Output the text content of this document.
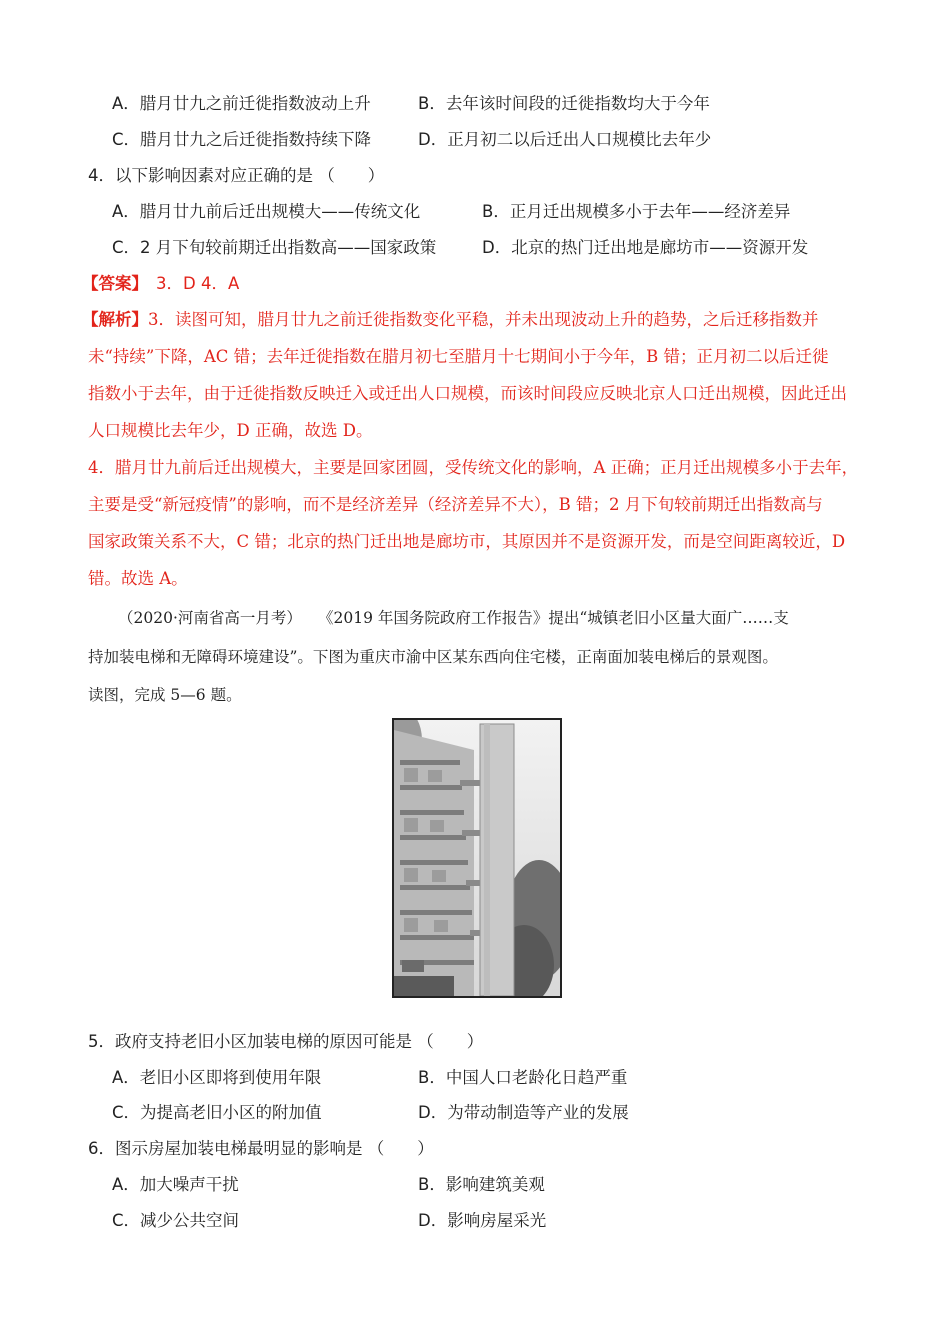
A．腊月廿九之前迁徙指数波动上升	B．去年该时间段的迁徙指数均大于今年
C．腊月廿九之后迁徙指数持续下降	D．正月初二以后迁出人口规模比去年少
4．以下影响因素对应正确的是 （　　）
A．腊月廿九前后迁出规模大——传统文化	B．正月迁出规模多小于去年——经济差异
C．2 月下旬较前期迁出指数高——国家政策	D．北京的热门迁出地是廊坊市——资源开发
【答案】 3．D 4．A
【解析】3．读图可知，腊月廿九之前迁徙指数变化平稳，并未出现波动上升的趋势，之后迁移指数并
未“持续”下降，AC 错；去年迁徙指数在腊月初七至腊月十七期间小于今年，B 错；正月初二以后迁徙
指数小于去年，由于迁徙指数反映迁入或迁出人口规模，而该时间段应反映北京人口迁出规模，因此迁出
人口规模比去年少，D 正确，故选 D。
4．腊月廿九前后迁出规模大，主要是回家团圆，受传统文化的影响，A 正确；正月迁出规模多小于去年，
主要是受“新冠疫情”的影响，而不是经济差异（经济差异不大），B 错；2 月下旬较前期迁出指数高与
国家政策关系不大，C 错；北京的热门迁出地是廊坊市，其原因并不是资源开发，而是空间距离较近，D
错。故选 A。
（2020·河南省高一月考） 《2019 年国务院政府工作报告》提出“城镇老旧小区量大面广……支
持加装电梯和无障碍环境建设”。下图为重庆市渝中区某东西向住宅楼，正南面加装电梯后的景观图。
读图，完成 5—6 题。
5．政府支持老旧小区加装电梯的原因可能是 （　　）
A．老旧小区即将到使用年限	B．中国人口老龄化日趋严重
C．为提高老旧小区的附加值	D．为带动制造等产业的发展
6．图示房屋加装电梯最明显的影响是 （　　）
A．加大噪声干扰	B．影响建筑美观
C．减少公共空间	D．影响房屋采光
